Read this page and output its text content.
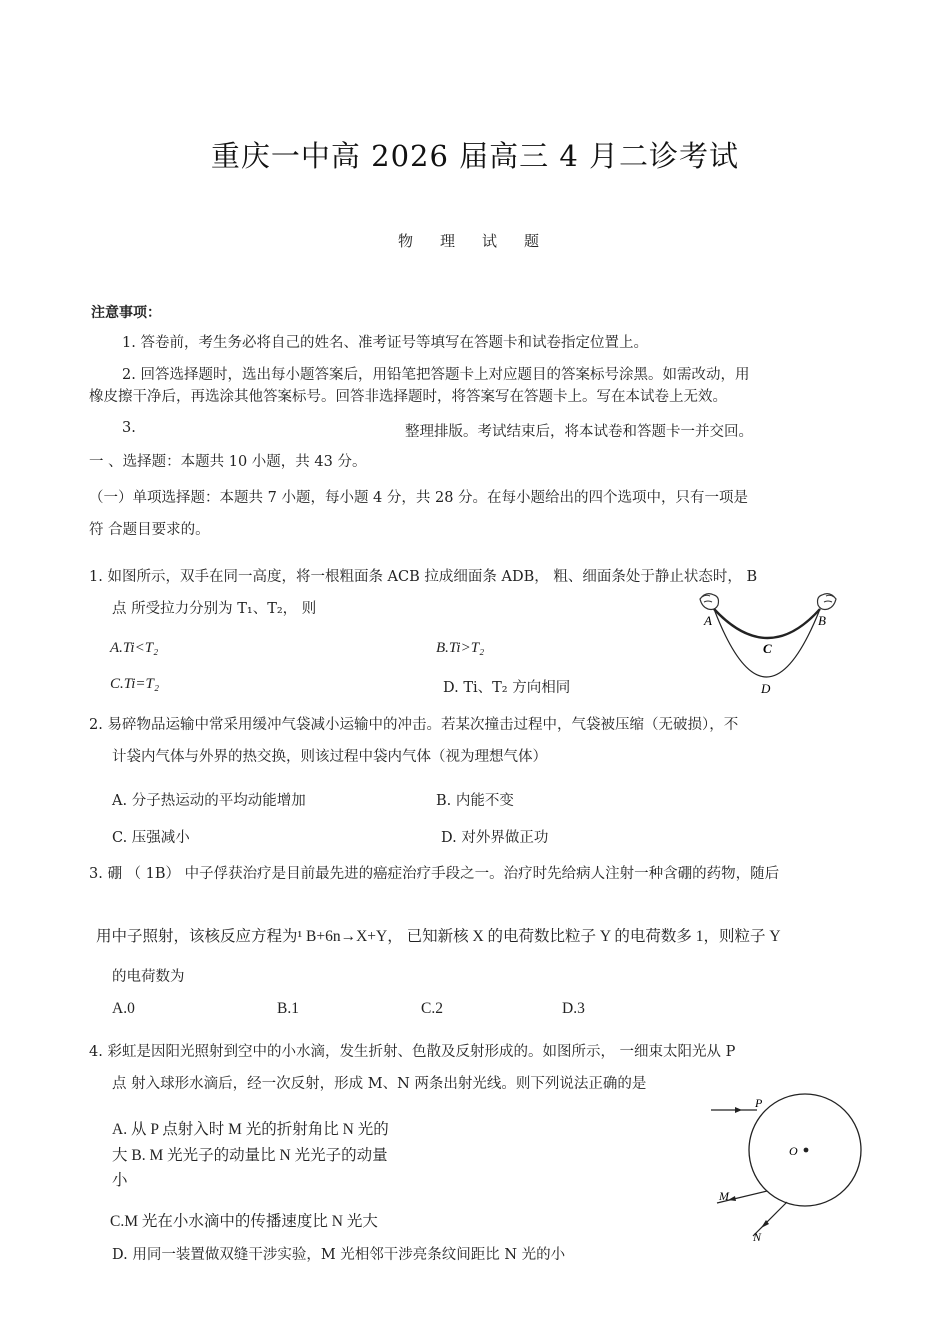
重庆一中高 2026 届高三 4 月二诊考试
物理试题
注意事项：
1. 答卷前，考生务必将自己的姓名、准考证号等填写在答题卡和试卷指定位置上。
2. 回答选择题时，选出每小题答案后，用铅笔把答题卡上对应题目的答案标号涂黑。如需改动，用
橡皮擦干净后，再选涂其他答案标号。回答非选择题时，将答案写在答题卡上。写在本试卷上无效。
3.	整理排版。考试结束后，将本试卷和答题卡一并交回。
一 、选择题：本题共 10 小题，共 43 分。
（一）单项选择题：本题共 7 小题，每小题 4 分，共 28 分。在每小题给出的四个选项中，只有一项是
符 合题目要求的。
1. 如图所示，双手在同一高度，将一根粗面条 ACB 拉成细面条 ADB， 粗、细面条处于静止状态时， B
点 所受拉力分别为 T₁、T₂， 则
A.Ti<T₂	B.Ti>T₂
C.Ti=T₂	D. Ti、T₂ 方向相同
A	B
C
D
2. 易碎物品运输中常采用缓冲气袋减小运输中的冲击。若某次撞击过程中，气袋被压缩（无破损），不
计袋内气体与外界的热交换，则该过程中袋内气体（视为理想气体）
A. 分子热运动的平均动能增加	B. 内能不变
C. 压强减小	D. 对外界做正功
3. 硼 （ 1B） 中子俘获治疗是目前最先进的癌症治疗手段之一。治疗时先给病人注射一种含硼的药物，随后
用中子照射，该核反应方程为¹ B+6n→X+Y， 已知新核 X 的电荷数比粒子 Y 的电荷数多 1，则粒子 Y
的电荷数为
A.0	B.1	C.2	D.3
4. 彩虹是因阳光照射到空中的小水滴，发生折射、色散及反射形成的。如图所示， 一细束太阳光从 P
点 射入球形水滴后，经一次反射，形成 M、N 两条出射光线。则下列说法正确的是
A. 从 P 点射入时 M 光的折射角比 N 光的
大 B. M 光光子的动量比 N 光光子的动量
小
C.M 光在小水滴中的传播速度比 N 光大
D. 用同一装置做双缝干涉实验，M 光相邻干涉亮条纹间距比 N 光的小
P
O
M
N
